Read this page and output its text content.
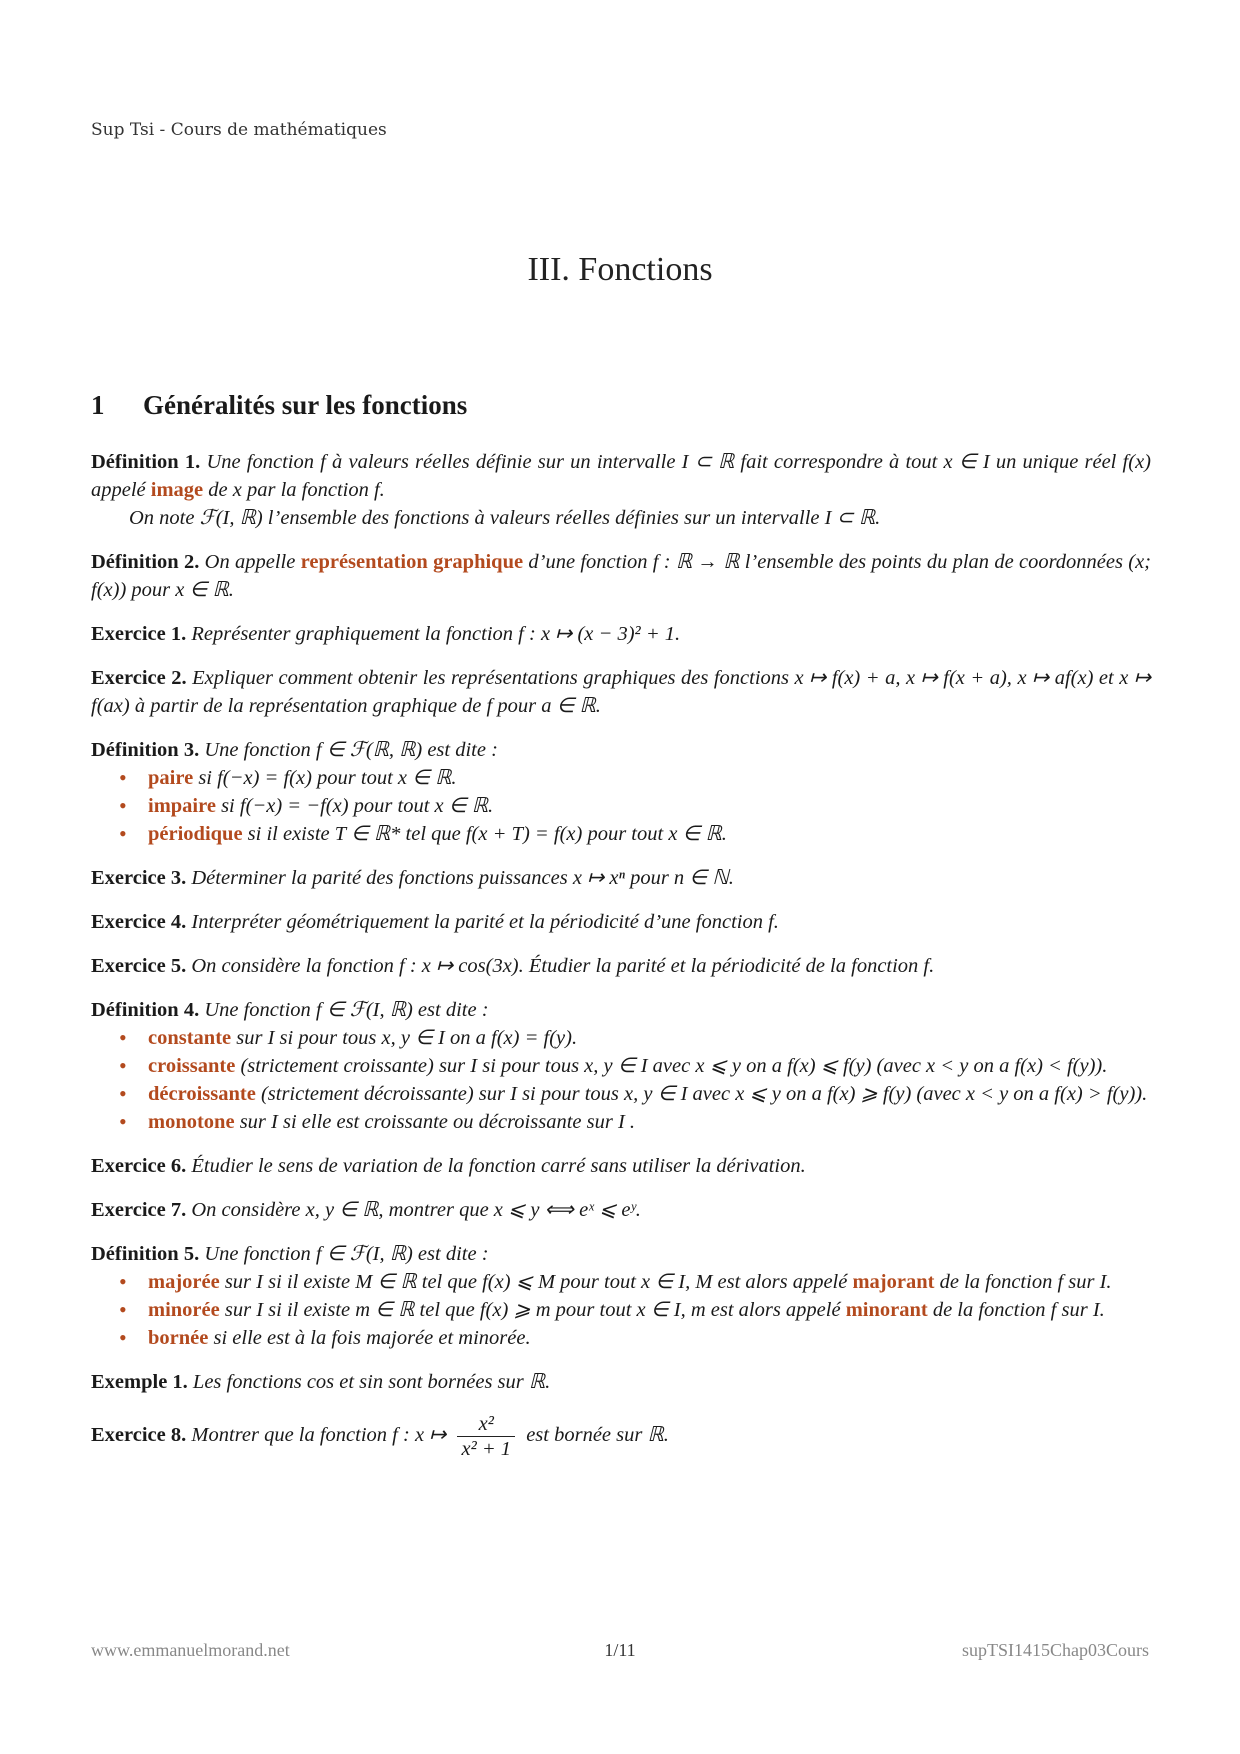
Sup Tsi - Cours de mathématiques
III. Fonctions
1 Généralités sur les fonctions

Définition 1. Une fonction f à valeurs réelles définie sur un intervalle I ⊂ ℝ fait correspondre à tout x ∈ I un unique réel f(x) appelé image de x par la fonction f.
On note ℱ(I, ℝ) l’ensemble des fonctions à valeurs réelles définies sur un intervalle I ⊂ ℝ.

Définition 2. On appelle représentation graphique d’une fonction f : ℝ → ℝ l’ensemble des points du plan de coordonnées (x; f(x)) pour x ∈ ℝ.

Exercice 1. Représenter graphiquement la fonction f : x ↦ (x − 3)² + 1.

Exercice 2. Expliquer comment obtenir les représentations graphiques des fonctions x ↦ f(x) + a, x ↦ f(x + a), x ↦ af(x) et x ↦ f(ax) à partir de la représentation graphique de f pour a ∈ ℝ.

Définition 3. Une fonction f ∈ ℱ(ℝ, ℝ) est dite :
• paire si f(−x) = f(x) pour tout x ∈ ℝ.
• impaire si f(−x) = −f(x) pour tout x ∈ ℝ.
• périodique si il existe T ∈ ℝ* tel que f(x + T) = f(x) pour tout x ∈ ℝ.

Exercice 3. Déterminer la parité des fonctions puissances x ↦ xⁿ pour n ∈ ℕ.

Exercice 4. Interpréter géométriquement la parité et la périodicité d’une fonction f.

Exercice 5. On considère la fonction f : x ↦ cos(3x). Étudier la parité et la périodicité de la fonction f.

Définition 4. Une fonction f ∈ ℱ(I, ℝ) est dite :
• constante sur I si pour tous x, y ∈ I on a f(x) = f(y).
• croissante (strictement croissante) sur I si pour tous x, y ∈ I avec x ⩽ y on a f(x) ⩽ f(y) (avec x < y on a f(x) < f(y)).
• décroissante (strictement décroissante) sur I si pour tous x, y ∈ I avec x ⩽ y on a f(x) ⩾ f(y) (avec x < y on a f(x) > f(y)).
• monotone sur I si elle est croissante ou décroissante sur I .

Exercice 6. Étudier le sens de variation de la fonction carré sans utiliser la dérivation.

Exercice 7. On considère x, y ∈ ℝ, montrer que x ⩽ y ⟺ eˣ ⩽ eʸ.

Définition 5. Une fonction f ∈ ℱ(I, ℝ) est dite :
• majorée sur I si il existe M ∈ ℝ tel que f(x) ⩽ M pour tout x ∈ I, M est alors appelé majorant de la fonction f sur I.
• minorée sur I si il existe m ∈ ℝ tel que f(x) ⩾ m pour tout x ∈ I, m est alors appelé minorant de la fonction f sur I.
• bornée si elle est à la fois majorée et minorée.

Exemple 1. Les fonctions cos et sin sont bornées sur ℝ.

Exercice 8. Montrer que la fonction f : x ↦ $\frac{\text{x²}}{\text{x² + 1}}$ est bornée sur ℝ.

www.emmanuelmorand.net	1/11	supTSI1415Chap03Cours
